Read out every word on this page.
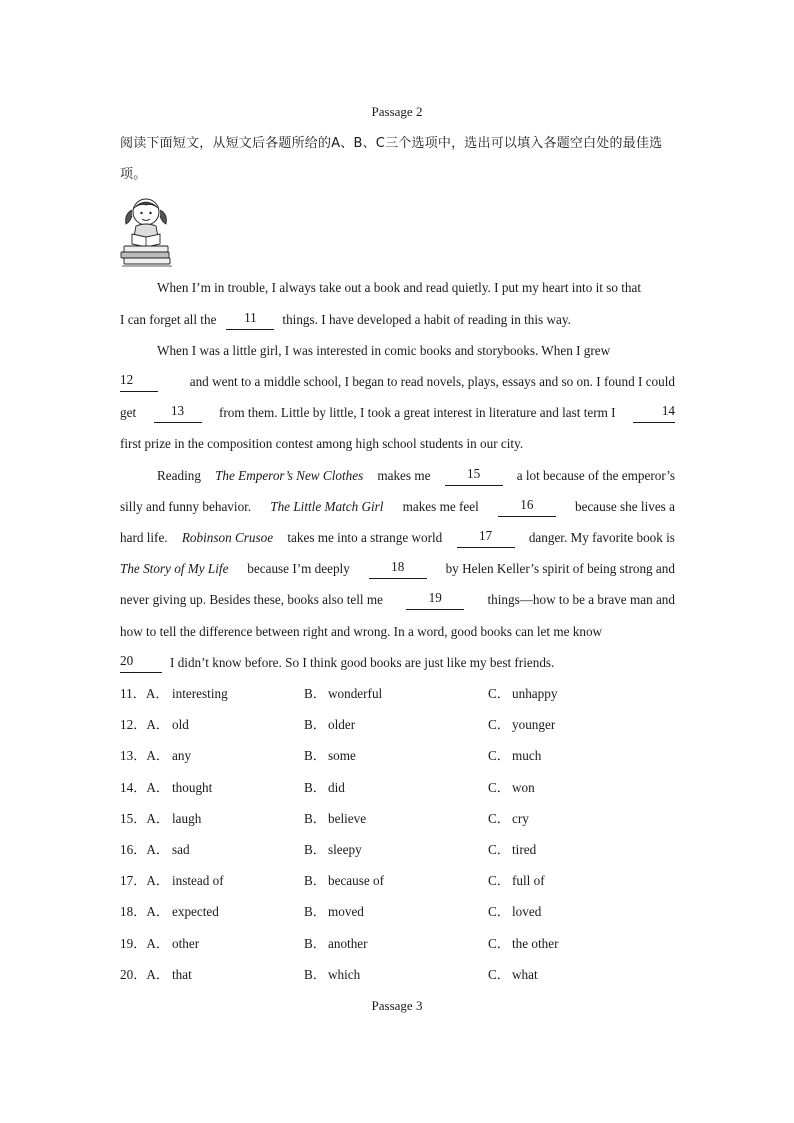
Passage 2
阅读下面短文，从短文后各题所给的A、B、C三个选项中，选出可以填入各题空白处的最佳选项。
When I’m in trouble, I always take out a book and read quietly. I put my heart into it so that
I can forget all the	11	things. I have developed a habit of reading in this way.
When I was a little girl, I was interested in comic books and storybooks. When I grew
12	and went to a middle school, I began to read novels, plays, essays and so on. I found I could
get	13	from them. Little by little, I took a great interest in literature and last term I	14
first prize in the composition contest among high school students in our city.
Reading The Emperor’s New Clothes makes me	15	a lot because of the emperor’s
silly and funny behavior. The Little Match Girl makes me feel	16	because she lives a
hard life. Robinson Crusoe takes me into a strange world	17	danger. My favorite book is
The Story of My Life because I’m deeply	18	by Helen Keller’s spirit of being strong and
never giving up. Besides these, books also tell me	19	things—how to be a brave man and
how to tell the difference between right and wrong. In a word, good books can let me know
20	I didn’t know before. So I think good books are just like my best friends.
11．A． interesting	B． wonderful	C． unhappy
12．A． old	B． older	C． younger
13．A． any	B． some	C． much
14．A． thought	B． did	C． won
15．A． laugh	B． believe	C． cry
16．A． sad	B． sleepy	C． tired
17．A． instead of	B． because of	C． full of
18．A． expected	B． moved	C． loved
19．A． other	B． another	C． the other
20．A． that	B． which	C． what
Passage 3
